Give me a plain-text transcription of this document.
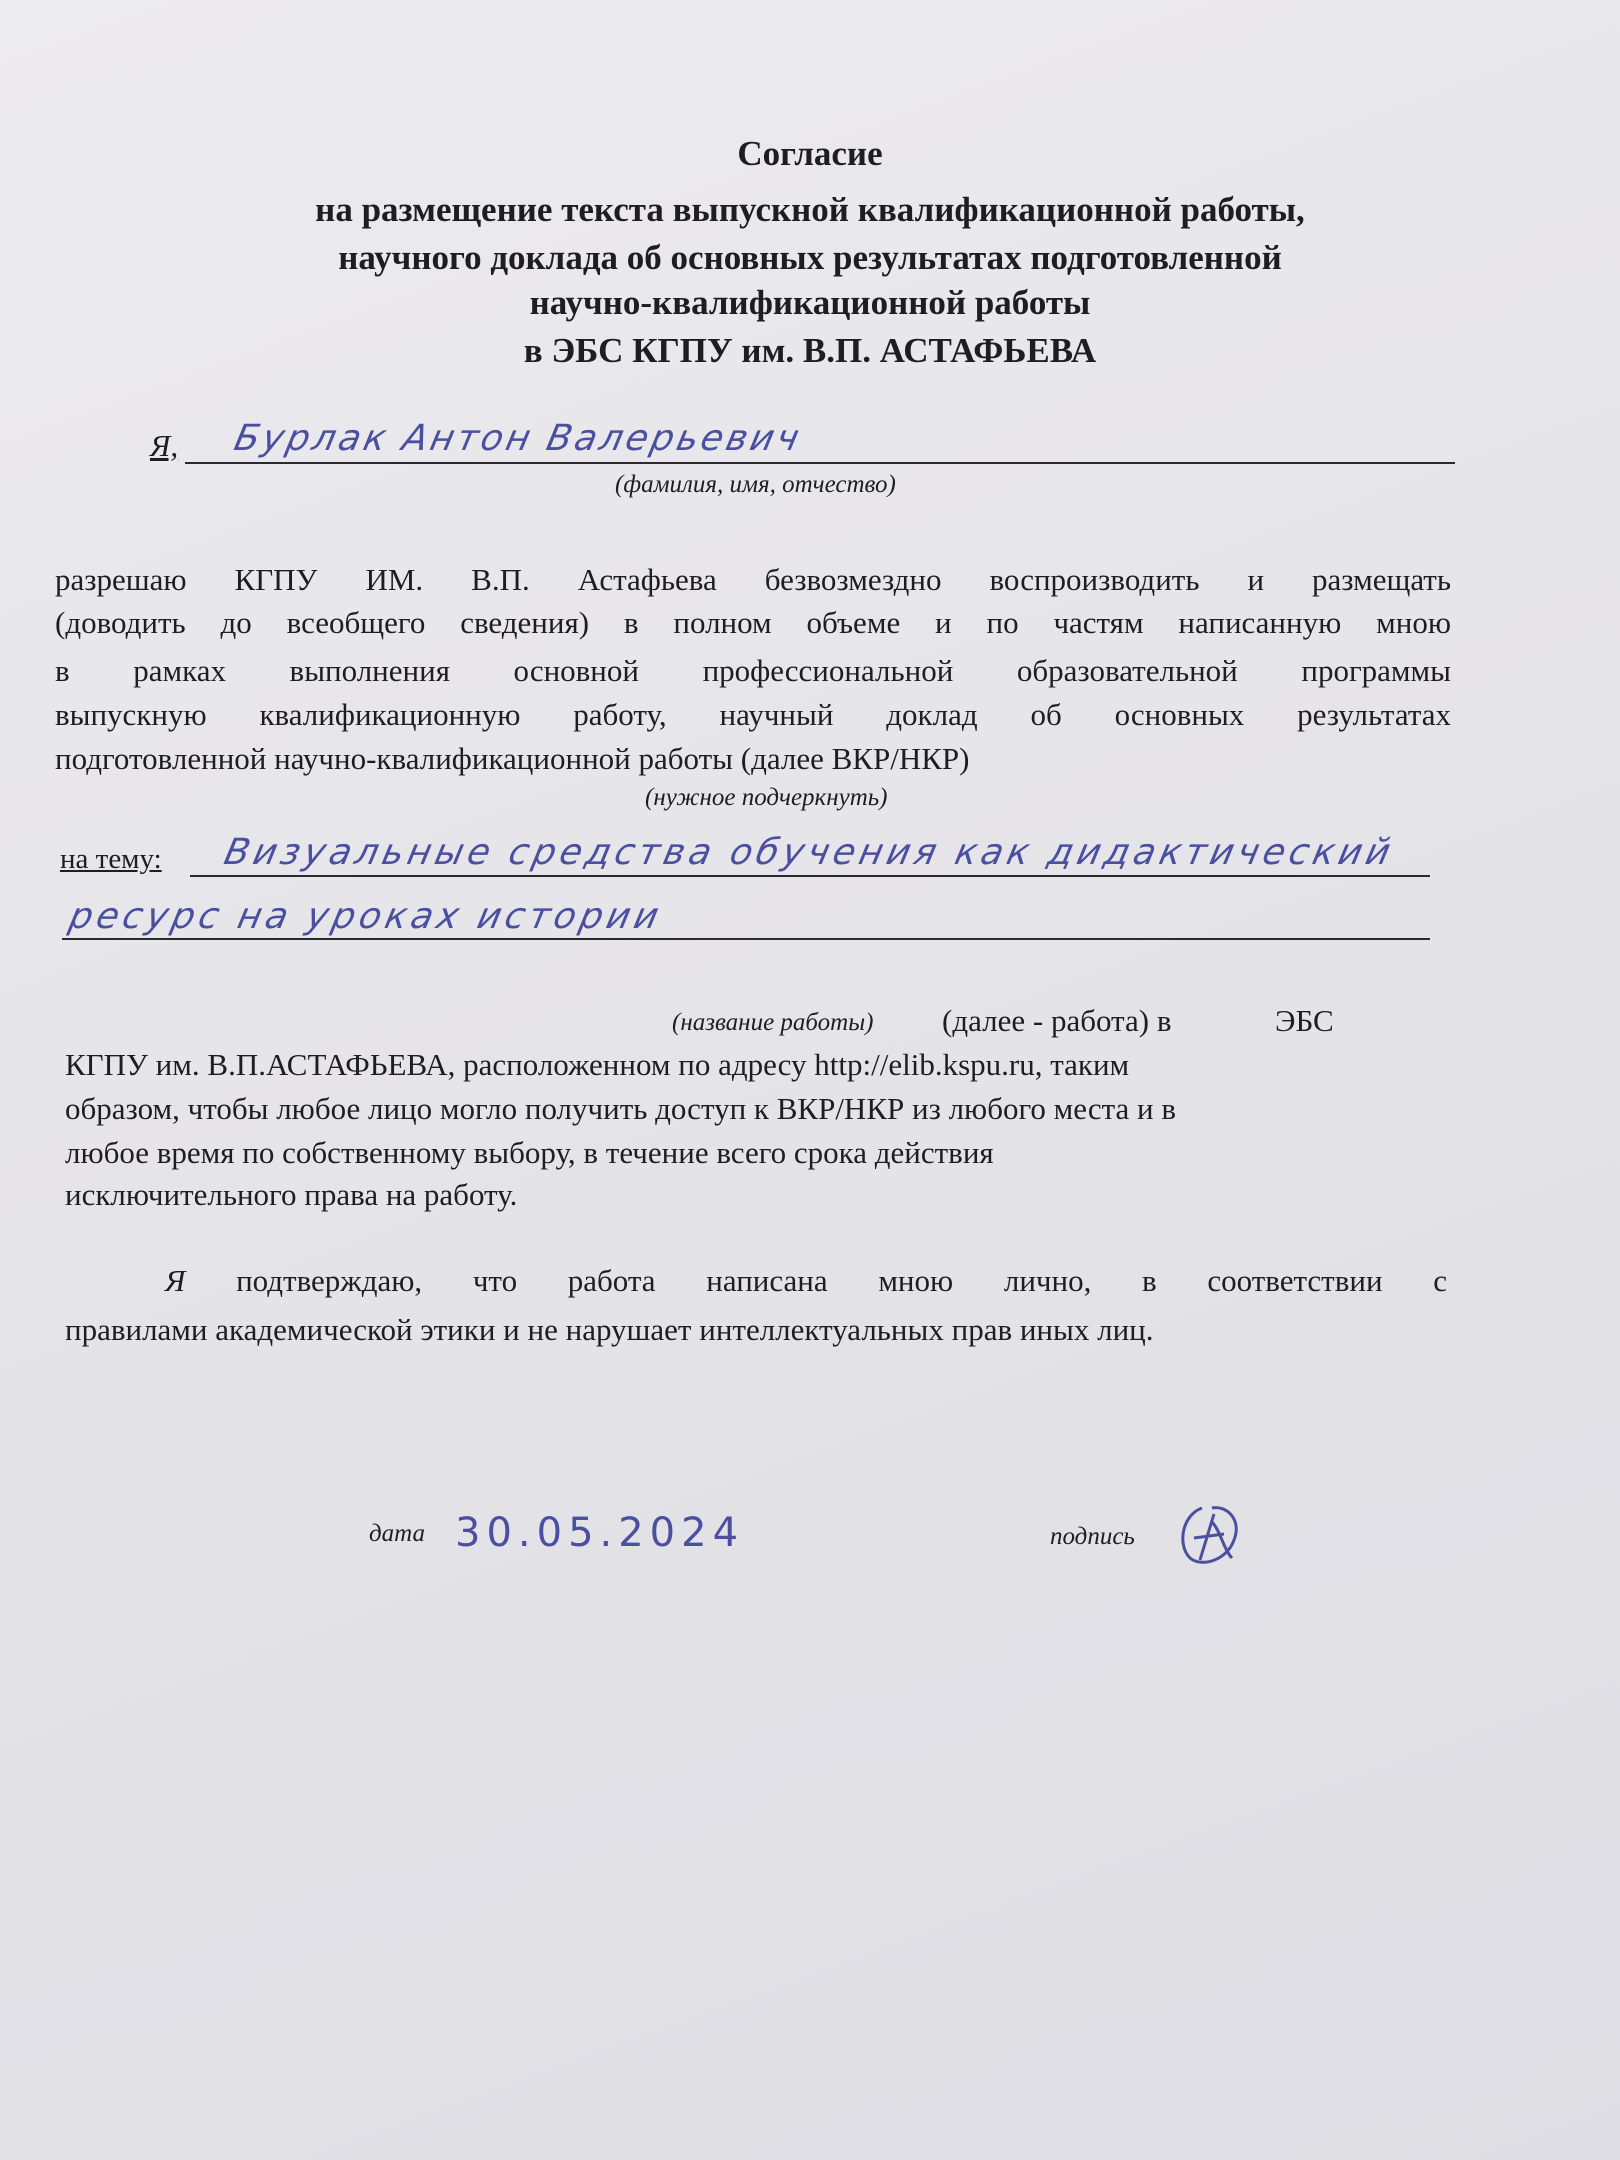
Согласие
на размещение текста выпускной квалификационной работы,
научного доклада об основных результатах подготовленной
научно-квалификационной работы
в ЭБС КГПУ им. В.П. АСТАФЬЕВА
Я, Бурлак Антон Валерьевич
(фамилия, имя, отчество)
разрешаю КГПУ ИМ. В.П. Астафьева безвозмездно воспроизводить и размещать
(доводить до всеобщего сведения) в полном объеме и по частям написанную мною
в рамках выполнения основной профессиональной образовательной программы
выпускную квалификационную работу, научный доклад об основных результатах
подготовленной научно-квалификационной работы (далее ВКР/НКР)
(нужное подчеркнуть)
на тему: Визуальные средства обучения как дидактический
ресурс на уроках истории
(название работы) (далее - работа) в	ЭБС
КГПУ им. В.П.АСТАФЬЕВА, расположенном по адресу http://elib.kspu.ru, таким
образом, чтобы любое лицо могло получить доступ к ВКР/НКР из любого места и в
любое время по собственному выбору, в течение всего срока действия
исключительного права на работу.
Я подтверждаю, что работа написана мною лично, в соответствии с
правилами академической этики и не нарушает интеллектуальных прав иных лиц.
дата 30.05.2024	подпись
